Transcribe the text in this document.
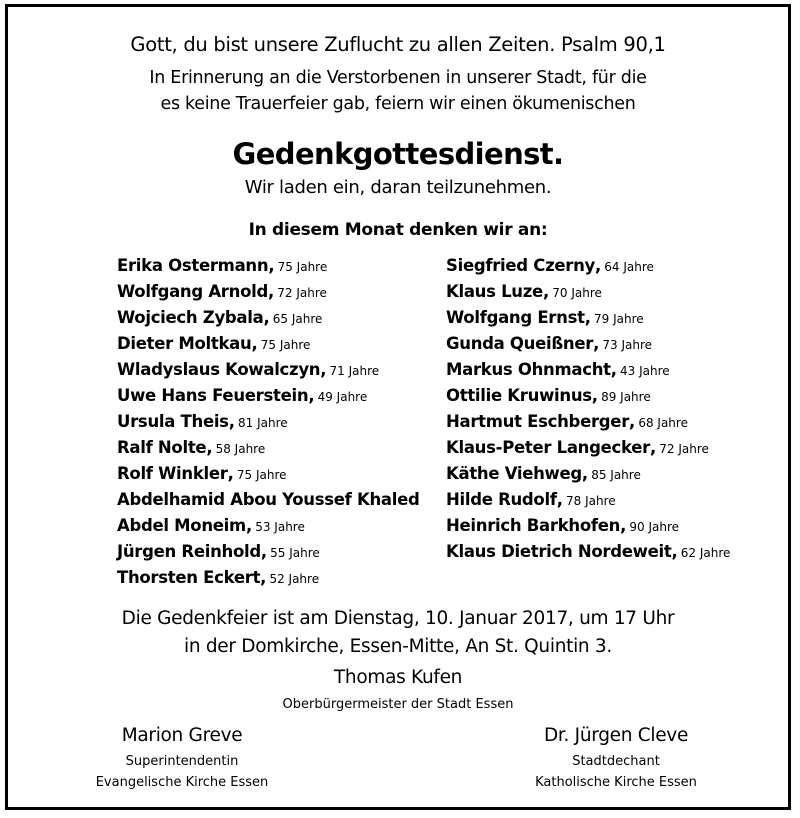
Gott, du bist unsere Zuflucht zu allen Zeiten. Psalm 90,1
In Erinnerung an die Verstorbenen in unserer Stadt, für die
es keine Trauerfeier gab, feiern wir einen ökumenischen
Gedenkgottesdienst.
Wir laden ein, daran teilzunehmen.
In diesem Monat denken wir an:
Erika Ostermann, 75 Jahre
Wolfgang Arnold, 72 Jahre
Wojciech Zybala, 65 Jahre
Dieter Moltkau, 75 Jahre
Wladyslaus Kowalczyn, 71 Jahre
Uwe Hans Feuerstein, 49 Jahre
Ursula Theis, 81 Jahre
Ralf Nolte, 58 Jahre
Rolf Winkler, 75 Jahre
Abdelhamid Abou Youssef Khaled
Abdel Moneim, 53 Jahre
Jürgen Reinhold, 55 Jahre
Thorsten Eckert, 52 Jahre
Siegfried Czerny, 64 Jahre
Klaus Luze, 70 Jahre
Wolfgang Ernst, 79 Jahre
Gunda Queißner, 73 Jahre
Markus Ohnmacht, 43 Jahre
Ottilie Kruwinus, 89 Jahre
Hartmut Eschberger, 68 Jahre
Klaus-Peter Langecker, 72 Jahre
Käthe Viehweg, 85 Jahre
Hilde Rudolf, 78 Jahre
Heinrich Barkhofen, 90 Jahre
Klaus Dietrich Nordeweit, 62 Jahre
Die Gedenkfeier ist am Dienstag, 10. Januar 2017, um 17 Uhr
in der Domkirche, Essen-Mitte, An St. Quintin 3.
Thomas Kufen
Oberbürgermeister der Stadt Essen
Marion Greve
Superintendentin
Evangelische Kirche Essen
Dr. Jürgen Cleve
Stadtdechant
Katholische Kirche Essen
